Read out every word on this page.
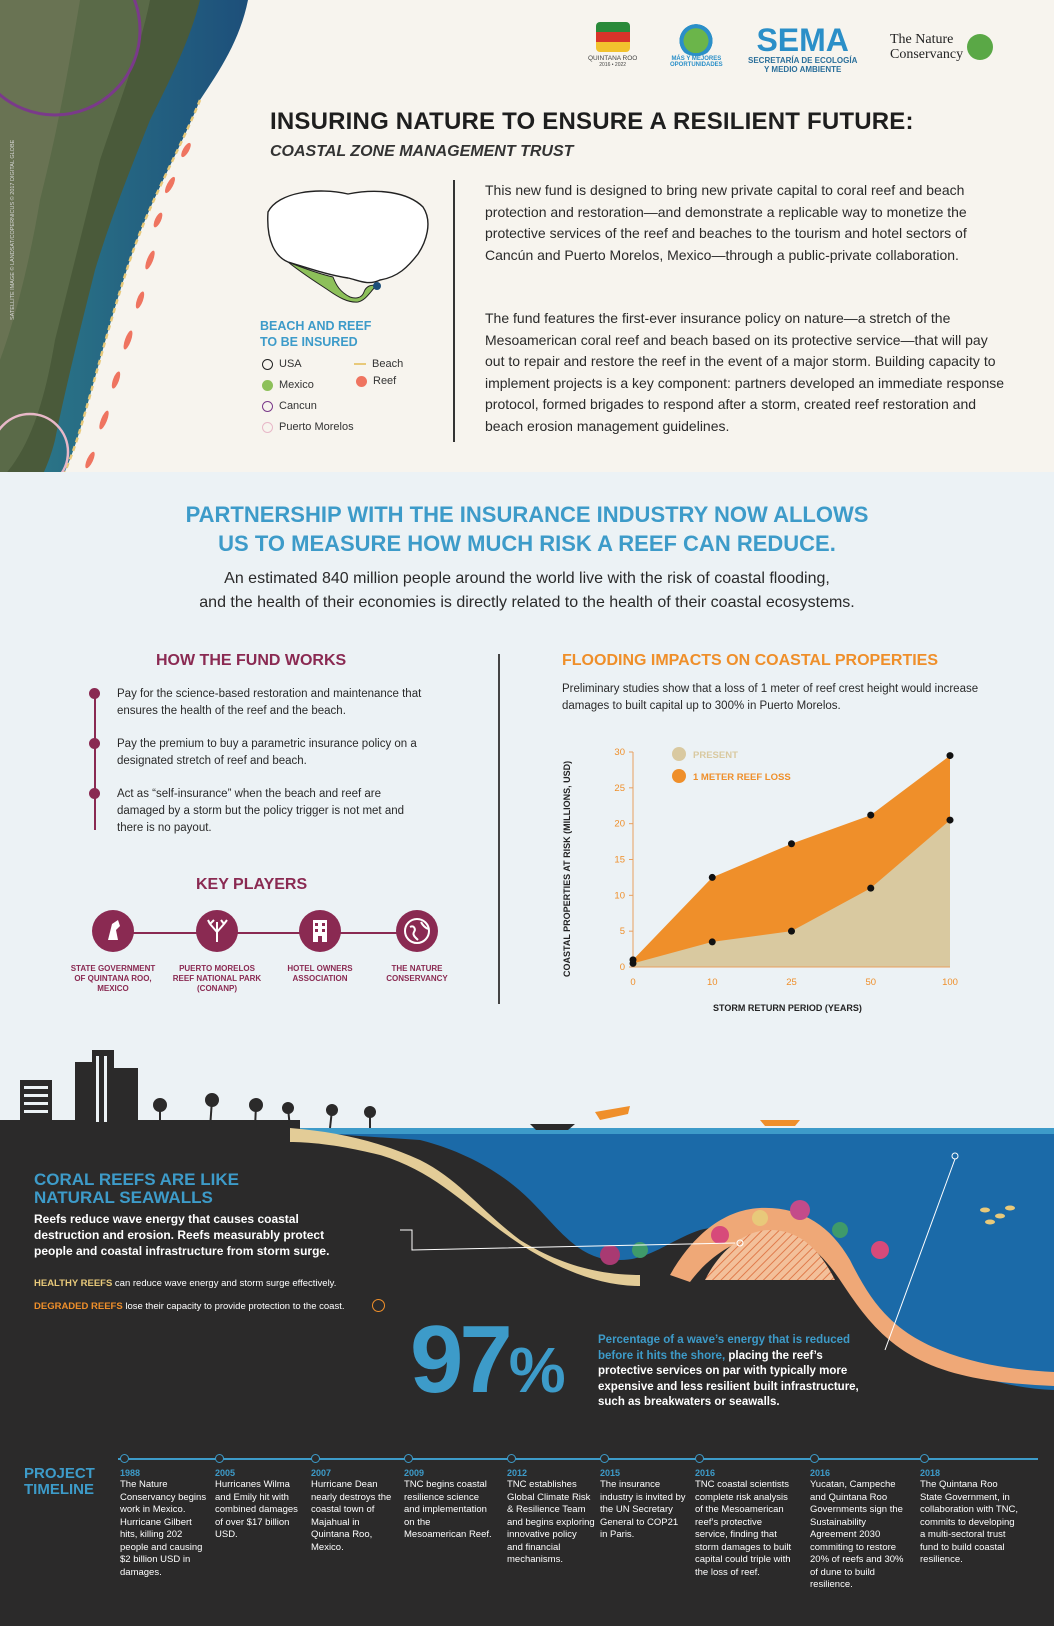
SATELLITE IMAGE © LANDSAT/COPERNICUS © 2017 DIGITAL GLOBE
QUINTANA ROO
2016 • 2022
MÁS Y MEJORES
OPORTUNIDADES
SEMA
SECRETARÍA DE ECOLOGÍA
Y MEDIO AMBIENTE
The Nature
Conservancy
INSURING NATURE TO ENSURE A RESILIENT FUTURE:
COASTAL ZONE MANAGEMENT TRUST
BEACH AND REEF
TO BE INSURED
USA
Mexico
Cancun
Puerto Morelos
Beach
Reef
This new fund is designed to bring new private capital to coral reef and beach protection and restoration—and demonstrate a replicable way to monetize the protective services of the reef and beaches to the tourism and hotel sectors of Cancún and Puerto Morelos, Mexico—through a public-private collaboration.
The fund features the first-ever insurance policy on nature—a stretch of the Mesoamerican coral reef and beach based on its protective service—that will pay out to repair and restore the reef in the event of a major storm. Building capacity to implement projects is a key component: partners developed an immediate response protocol, formed brigades to respond after a storm, created reef restoration and beach erosion management guidelines.
PARTNERSHIP WITH THE INSURANCE INDUSTRY NOW ALLOWS
US TO MEASURE HOW MUCH RISK A REEF CAN REDUCE.
An estimated 840 million people around the world live with the risk of coastal flooding,
and the health of their economies is directly related to the health of their coastal ecosystems.
HOW THE FUND WORKS
Pay for the science-based restoration and maintenance that ensures the health of the reef and the beach.
Pay the premium to buy a parametric insurance policy on a designated stretch of reef and beach.
Act as “self-insurance” when the beach and reef are damaged by a storm but the policy trigger is not met and there is no payout.
KEY PLAYERS
STATE GOVERNMENT
OF QUINTANA ROO,
MEXICO
PUERTO MORELOS
REEF NATIONAL PARK
(CONANP)
HOTEL OWNERS
ASSOCIATION
THE NATURE
CONSERVANCY
FLOODING IMPACTS ON COASTAL PROPERTIES
Preliminary studies show that a loss of 1 meter of reef crest height would increase damages to built capital up to 300% in Puerto Morelos.
0
5
10
15
20
25
30
0	10	25	50	100
COASTAL PROPERTIES AT RISK (MILLIONS, USD)
STORM RETURN PERIOD (YEARS)
PRESENT
1 METER REEF LOSS
CORAL REEFS ARE LIKE
NATURAL SEAWALLS
Reefs reduce wave energy that causes coastal destruction and erosion. Reefs measurably protect people and coastal infrastructure from storm surge.
HEALTHY REEFS can reduce wave energy and storm surge effectively.
DEGRADED REEFS lose their capacity to provide protection to the coast. 97%	Percentage of a wave’s energy that is reduced before it hits the shore, placing the reef’s protective services on par with typically more expensive and less resilient built infrastructure, such as breakwaters or seawalls.
PROJECT
TIMELINE
1988
The Nature Conservancy begins work in Mexico. Hurricane Gilbert hits, killing 202 people and causing $2 billion USD in damages.
2005
Hurricanes Wilma and Emily hit with combined damages of over $17 billion USD.
2007
Hurricane Dean nearly destroys the coastal town of Majahual in Quintana Roo, Mexico.
2009
TNC begins coastal resilience science and implementation on the Mesoamerican Reef.
2012
TNC establishes Global Climate Risk & Resilience Team and begins exploring innovative policy and financial mechanisms.
2015
The insurance industry is invited by the UN Secretary General to COP21 in Paris.
2016
TNC coastal scientists complete risk analysis of the Mesoamerican reef’s protective service, finding that storm damages to built capital could triple with the loss of reef.
2016
Yucatan, Campeche and Quintana Roo Governments sign the Sustainability Agreement 2030 commiting to restore 20% of reefs and 30% of dune to build resilience.
2018
The Quintana Roo State Government, in collaboration with TNC, commits to developing a multi-sectoral trust fund to build coastal resilience.
